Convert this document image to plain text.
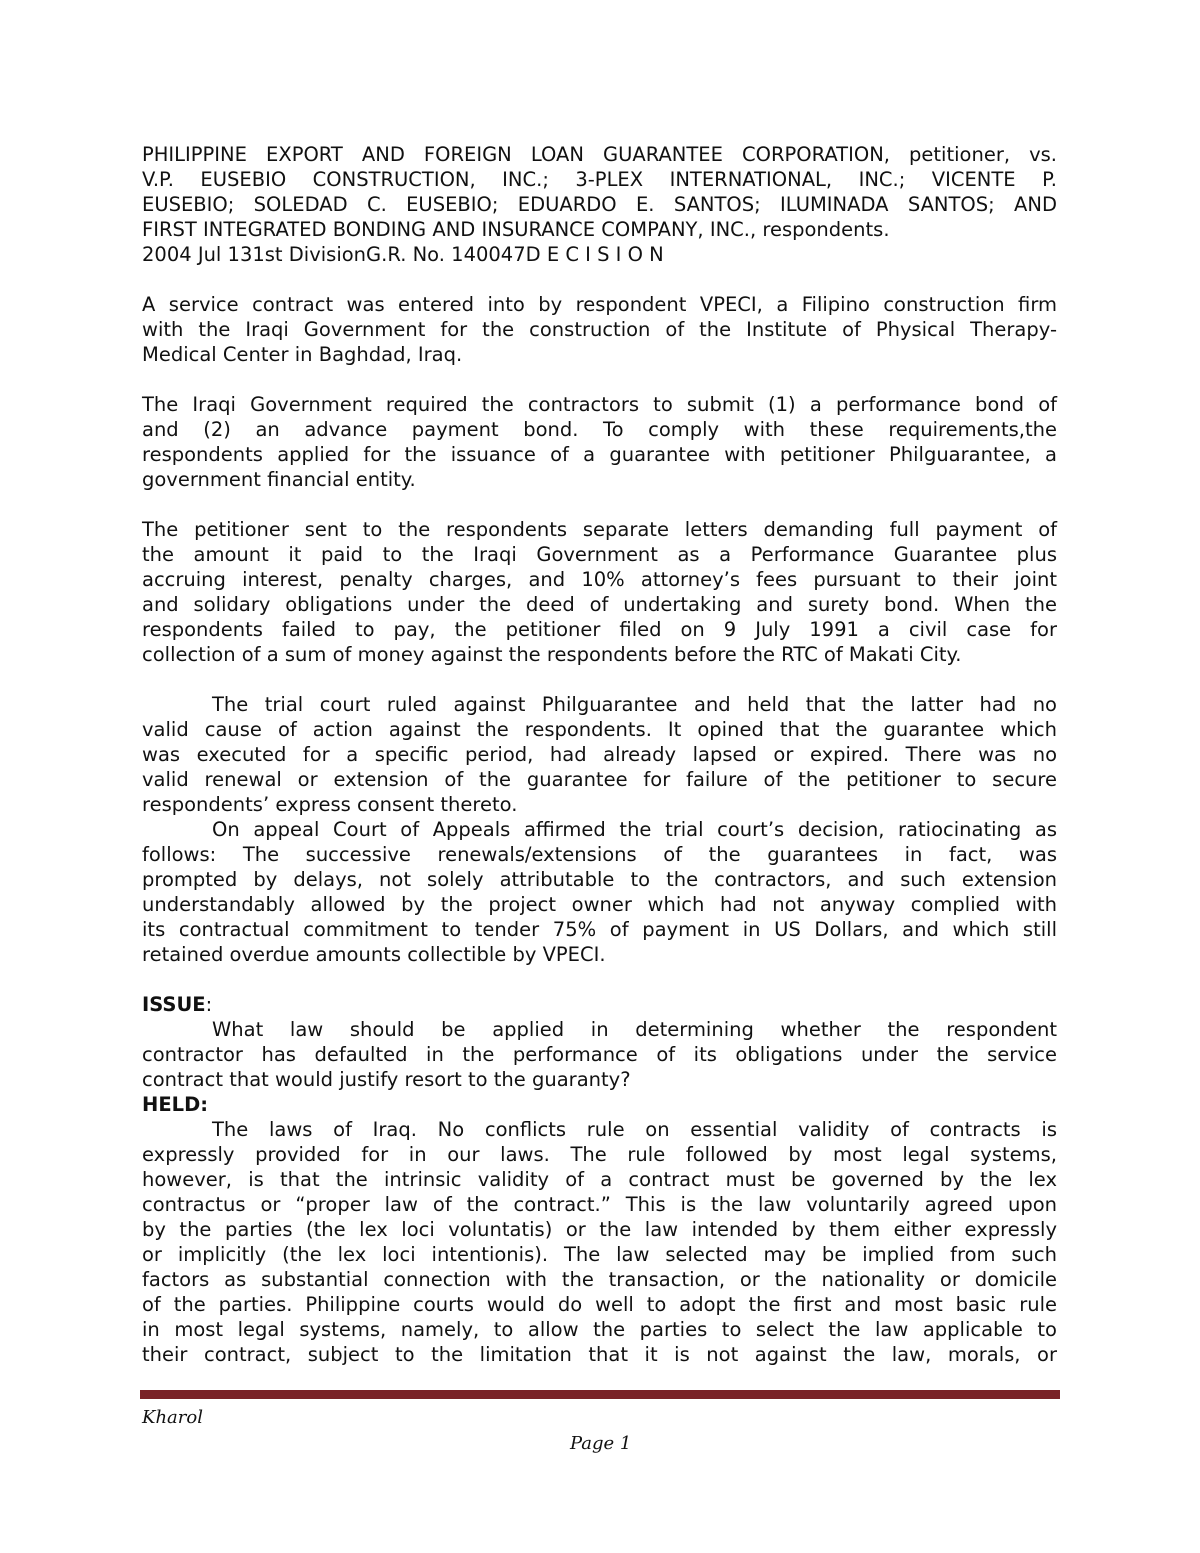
PHILIPPINE EXPORT AND FOREIGN LOAN GUARANTEE CORPORATION, petitioner, vs.
V.P. EUSEBIO CONSTRUCTION, INC.; 3-PLEX INTERNATIONAL, INC.; VICENTE P.
EUSEBIO; SOLEDAD C. EUSEBIO; EDUARDO E. SANTOS; ILUMINADA SANTOS; AND
FIRST INTEGRATED BONDING AND INSURANCE COMPANY, INC., respondents.
2004 Jul 131st DivisionG.R. No. 140047D E C I S I O N
A service contract was entered into by respondent VPECI, a Filipino construction firm
with the Iraqi Government for the construction of the Institute of Physical Therapy-
Medical Center in Baghdad, Iraq.
The Iraqi Government required the contractors to submit (1) a performance bond of
and (2) an advance payment bond. To comply with these requirements,the
respondents applied for the issuance of a guarantee with petitioner Philguarantee, a
government financial entity.
The petitioner sent to the respondents separate letters demanding full payment of
the amount it paid to the Iraqi Government as a Performance Guarantee plus
accruing interest, penalty charges, and 10% attorney’s fees pursuant to their joint
and solidary obligations under the deed of undertaking and surety bond. When the
respondents failed to pay, the petitioner filed on 9 July 1991 a civil case for
collection of a sum of money against the respondents before the RTC of Makati City.
The trial court ruled against Philguarantee and held that the latter had no
valid cause of action against the respondents. It opined that the guarantee which
was executed for a specific period, had already lapsed or expired. There was no
valid renewal or extension of the guarantee for failure of the petitioner to secure
respondents’ express consent thereto.
On appeal Court of Appeals affirmed the trial court’s decision, ratiocinating as
follows: The successive renewals/extensions of the guarantees in fact, was
prompted by delays, not solely attributable to the contractors, and such extension
understandably allowed by the project owner which had not anyway complied with
its contractual commitment to tender 75% of payment in US Dollars, and which still
retained overdue amounts collectible by VPECI.
ISSUE:
What law should be applied in determining whether the respondent
contractor has defaulted in the performance of its obligations under the service
contract that would justify resort to the guaranty?
HELD:
The laws of Iraq. No conflicts rule on essential validity of contracts is
expressly provided for in our laws. The rule followed by most legal systems,
however, is that the intrinsic validity of a contract must be governed by the lex
contractus or “proper law of the contract.” This is the law voluntarily agreed upon
by the parties (the lex loci voluntatis) or the law intended by them either expressly
or implicitly (the lex loci intentionis). The law selected may be implied from such
factors as substantial connection with the transaction, or the nationality or domicile
of the parties. Philippine courts would do well to adopt the first and most basic rule
in most legal systems, namely, to allow the parties to select the law applicable to
their contract, subject to the limitation that it is not against the law, morals, or
Kharol
Page 1
